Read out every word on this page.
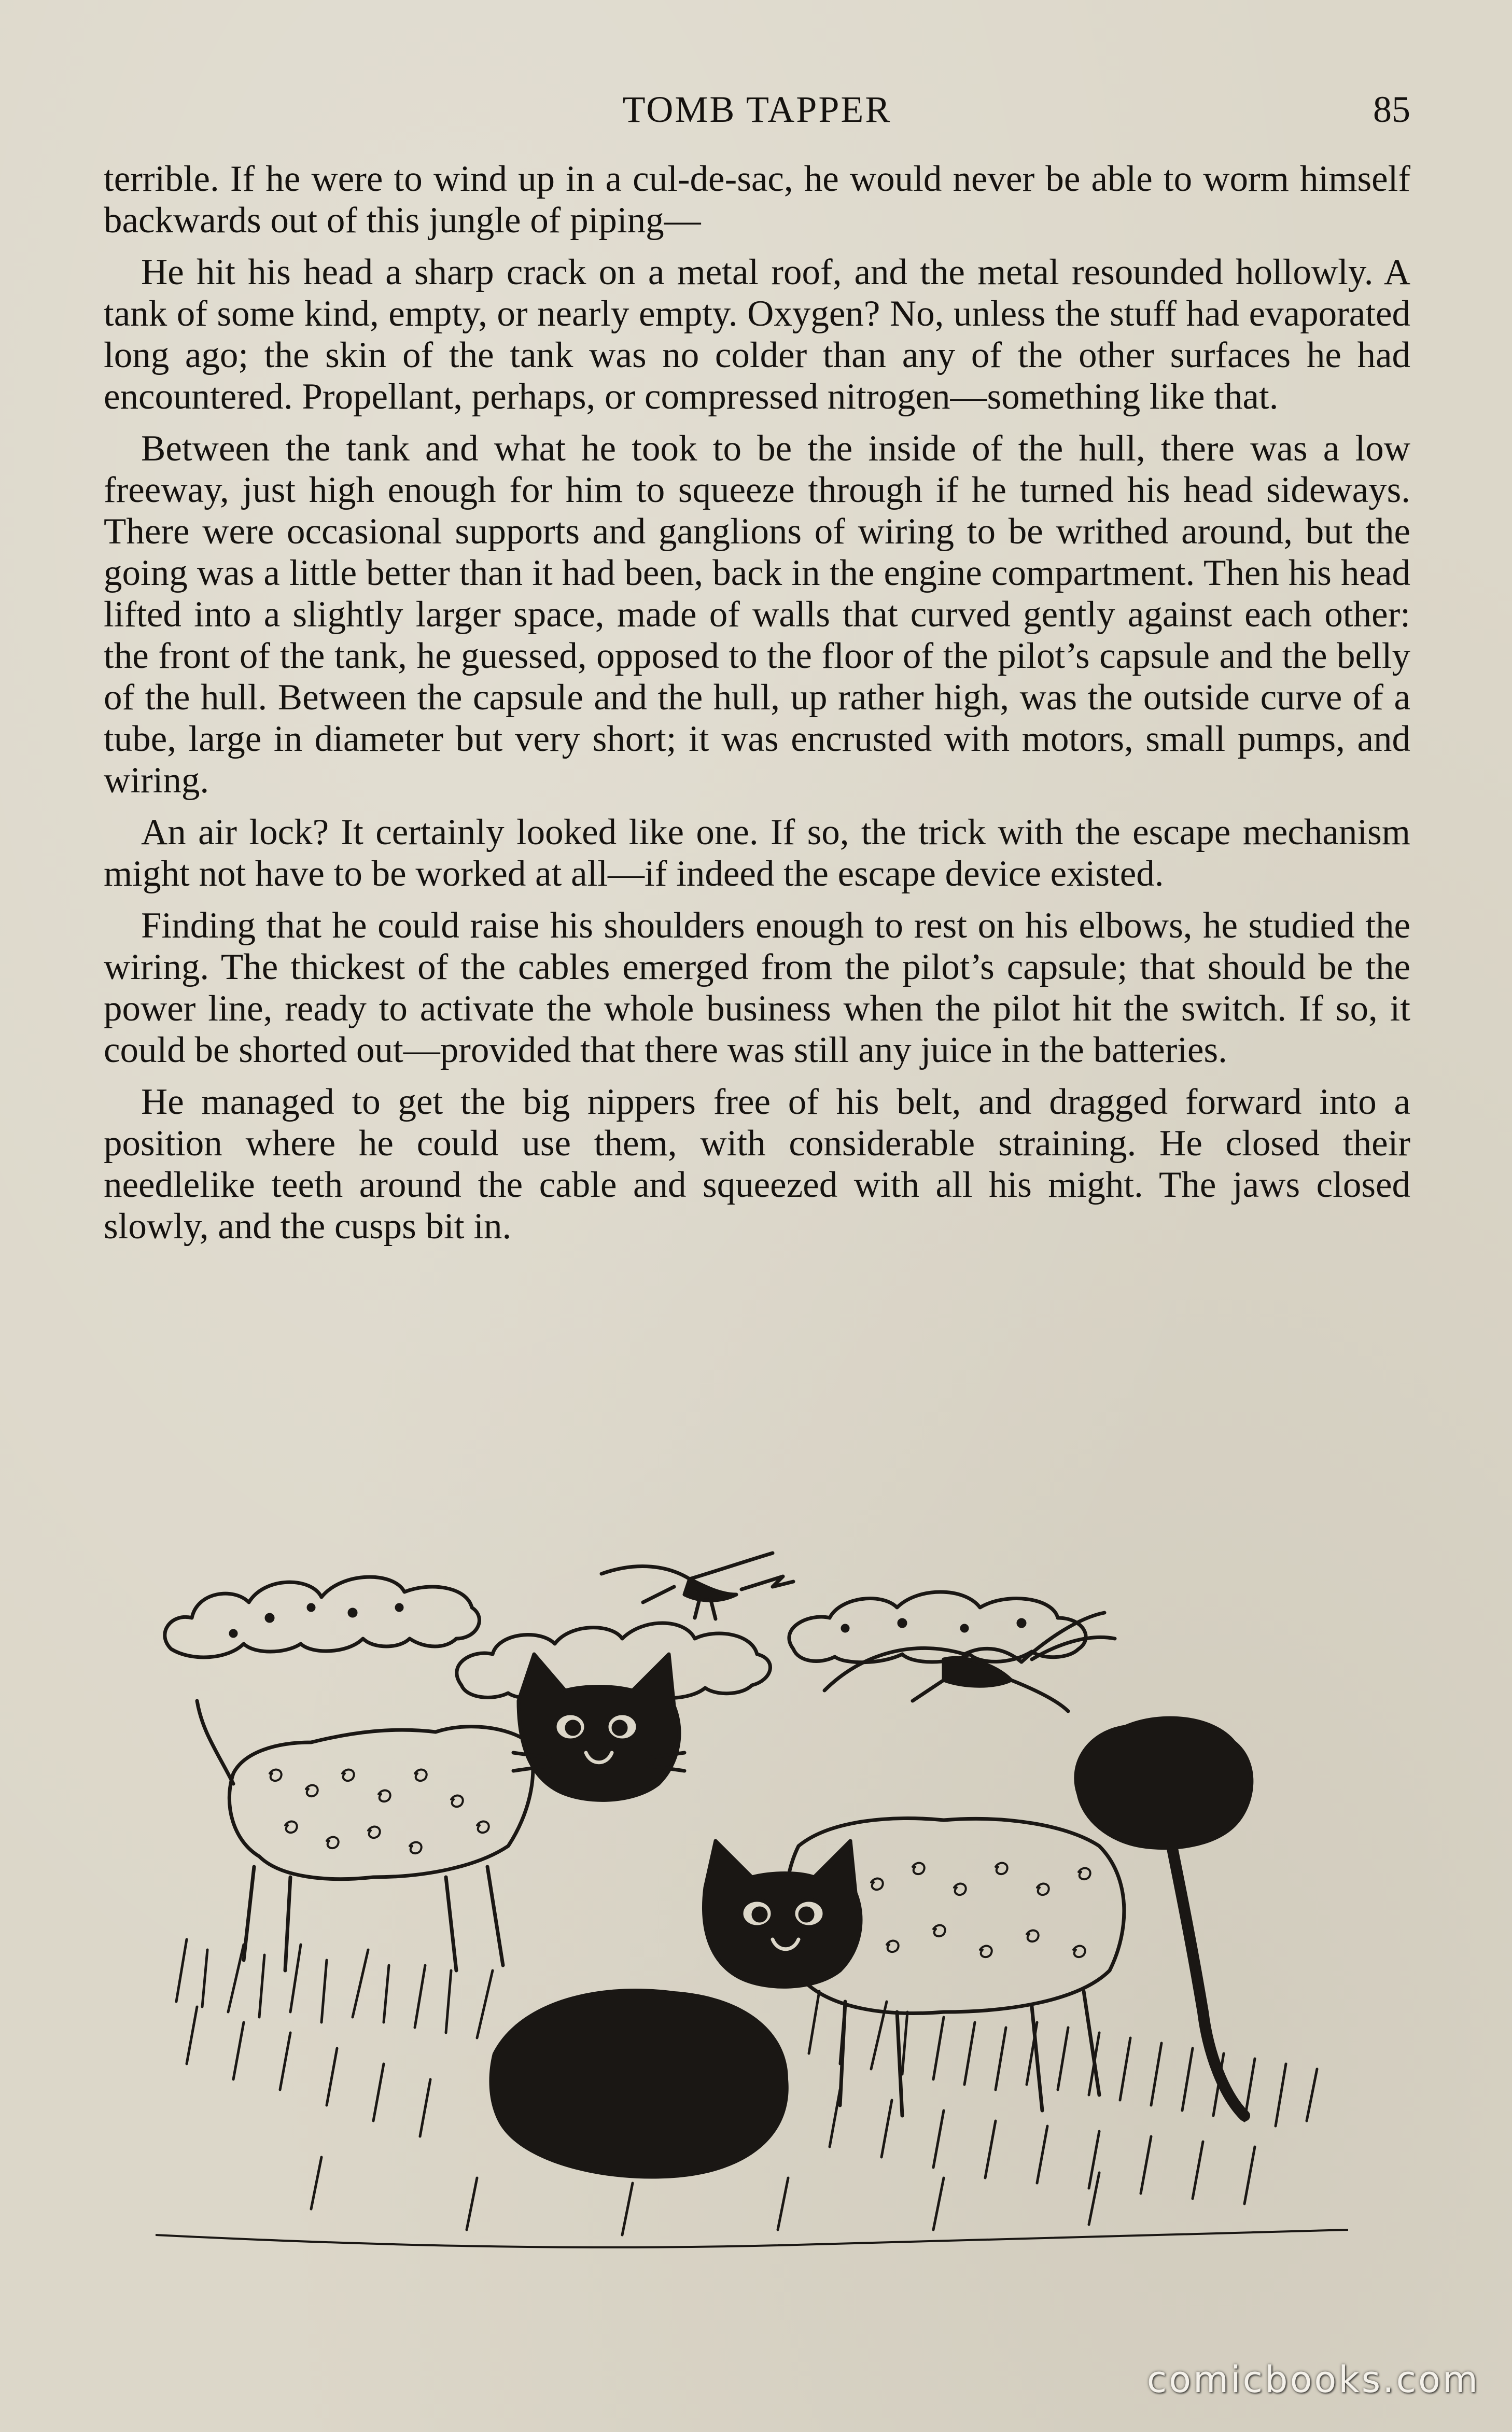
TOMB TAPPER	85

terrible. If he were to wind up in a cul-de-sac, he would never be able to worm himself backwards out of this jungle of piping—

He hit his head a sharp crack on a metal roof, and the metal resounded hollowly. A tank of some kind, empty, or nearly empty. Oxygen? No, unless the stuff had evaporated long ago; the skin of the tank was no colder than any of the other surfaces he had encountered. Propellant, perhaps, or compressed nitrogen—something like that.

Between the tank and what he took to be the inside of the hull, there was a low freeway, just high enough for him to squeeze through if he turned his head sideways. There were occasional supports and ganglions of wiring to be writhed around, but the going was a little better than it had been, back in the engine compartment. Then his head lifted into a slightly larger space, made of walls that curved gently against each other: the front of the tank, he guessed, opposed to the floor of the pilot’s capsule and the belly of the hull. Between the capsule and the hull, up rather high, was the outside curve of a tube, large in diameter but very short; it was encrusted with motors, small pumps, and wiring.

An air lock? It certainly looked like one. If so, the trick with the escape mechanism might not have to be worked at all—if indeed the escape device existed.

Finding that he could raise his shoulders enough to rest on his elbows, he studied the wiring. The thickest of the cables emerged from the pilot’s capsule; that should be the power line, ready to activate the whole business when the pilot hit the switch. If so, it could be shorted out—provided that there was still any juice in the batteries.

He managed to get the big nippers free of his belt, and dragged forward into a position where he could use them, with considerable straining. He closed their needlelike teeth around the cable and squeezed with all his might. The jaws closed slowly, and the cusps bit in.

comicbooks.com
